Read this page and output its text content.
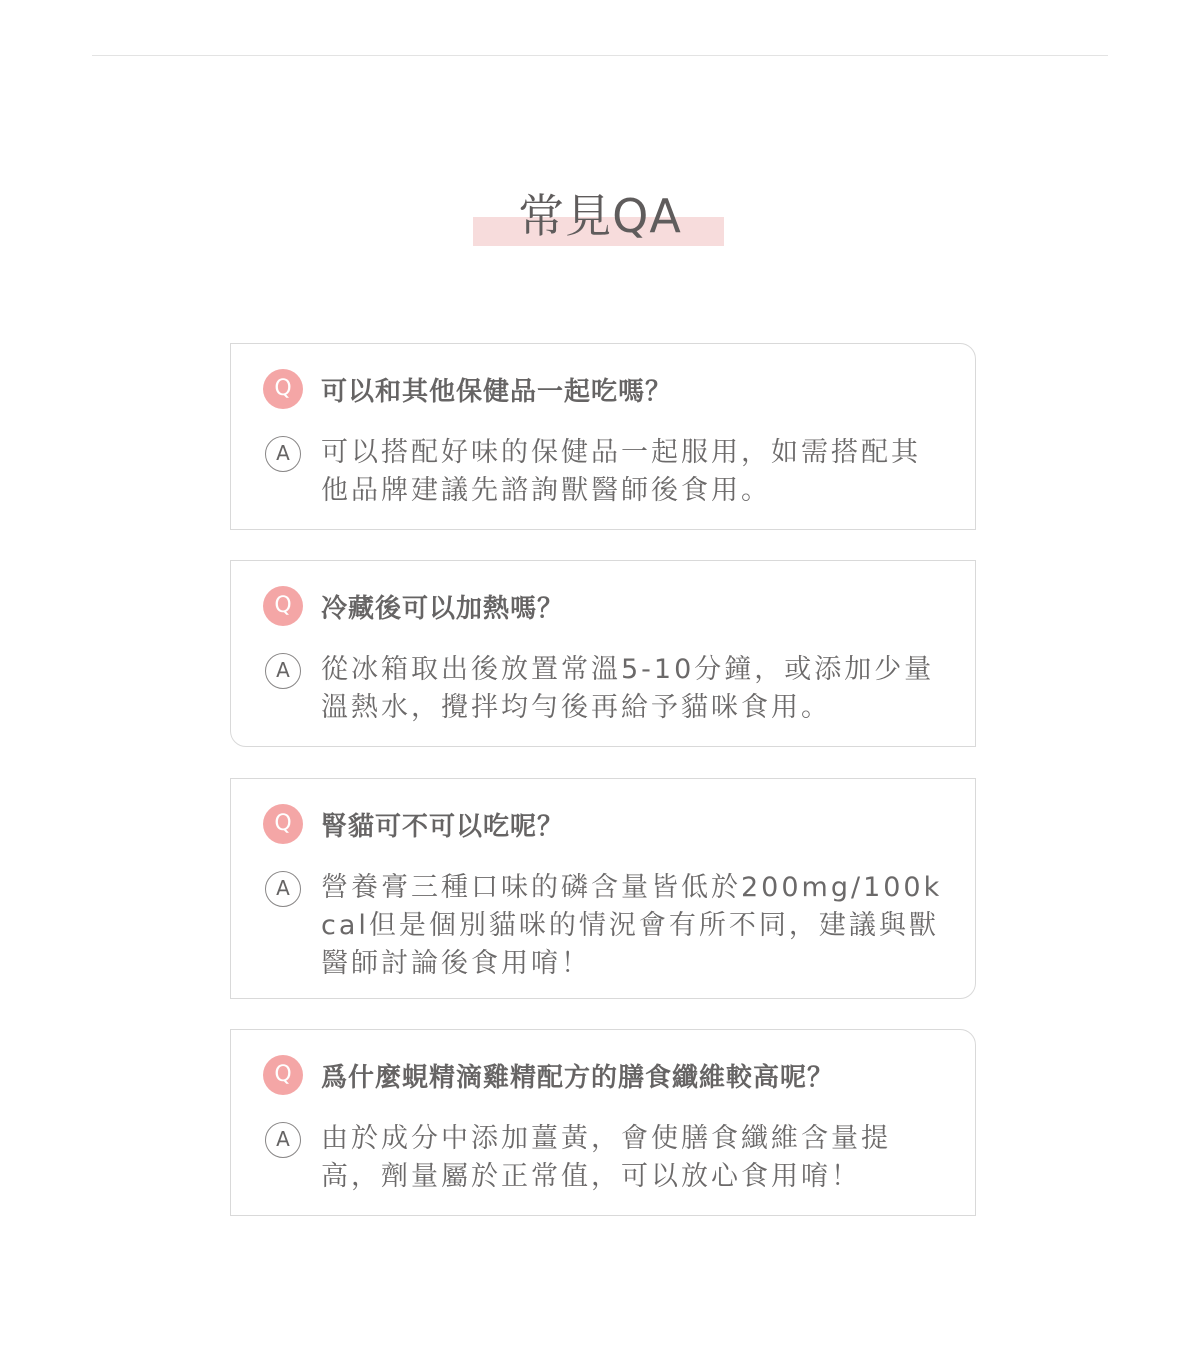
常見QA
Q	可以和其他保健品一起吃嗎？
A	可以搭配好味的保健品一起服用，如需搭配其他品牌建議先諮詢獸醫師後食用。
Q	冷藏後可以加熱嗎？
A	從冰箱取出後放置常溫5-10分鐘，或添加少量溫熱水，攪拌均勻後再給予貓咪食用。
Q	腎貓可不可以吃呢？
A	營養膏三種口味的磷含量皆低於200mg/100kcal但是個別貓咪的情況會有所不同，建議與獸醫師討論後食用唷！
Q	爲什麼蜆精滴雞精配方的膳食纖維較高呢？
A	由於成分中添加薑黃，會使膳食纖維含量提高，劑量屬於正常值，可以放心食用唷！
